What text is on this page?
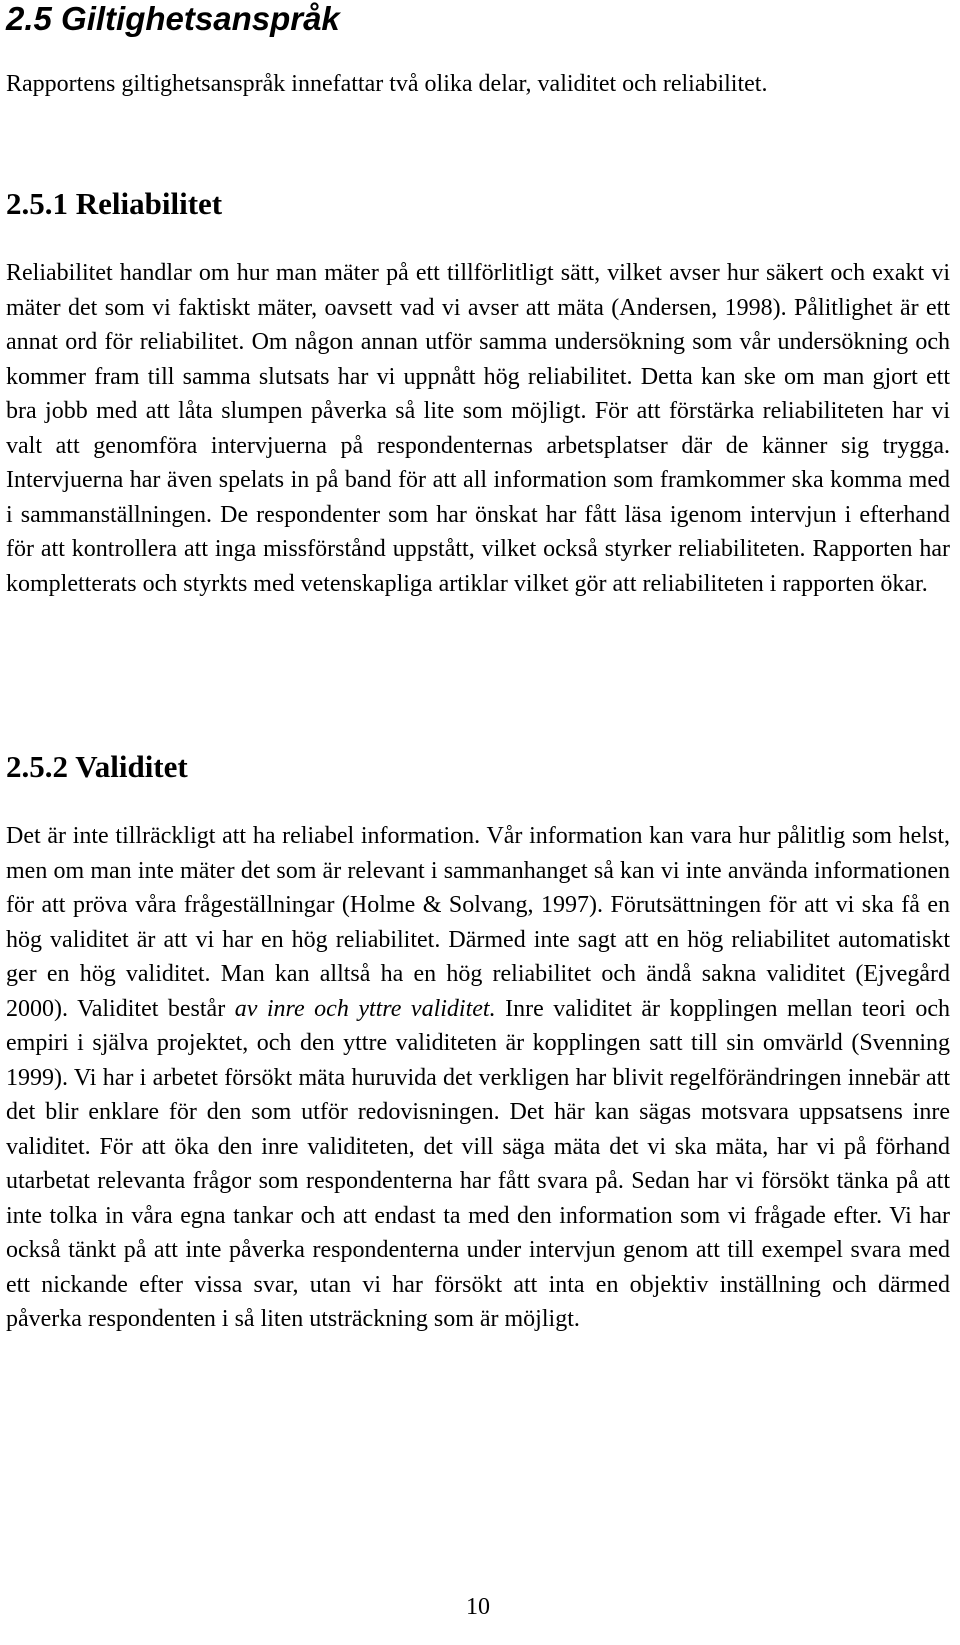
2.5 Giltighetsanspråk

Rapportens giltighetsanspråk innefattar två olika delar, validitet och reliabilitet.

2.5.1 Reliabilitet

Reliabilitet handlar om hur man mäter på ett tillförlitligt sätt, vilket avser hur säkert och exakt vi mäter det som vi faktiskt mäter, oavsett vad vi avser att mäta (Andersen, 1998). Pålitlighet är ett annat ord för reliabilitet. Om någon annan utför samma undersökning som vår undersökning och kommer fram till samma slutsats har vi uppnått hög reliabilitet. Detta kan ske om man gjort ett bra jobb med att låta slumpen påverka så lite som möjligt. För att förstärka reliabiliteten har vi valt att genomföra intervjuerna på respondenternas arbetsplatser där de känner sig trygga. Intervjuerna har även spelats in på band för att all information som framkommer ska komma med i sammanställningen. De respondenter som har önskat har fått läsa igenom intervjun i efterhand för att kontrollera att inga missförstånd uppstått, vilket också styrker reliabiliteten. Rapporten har kompletterats och styrkts med vetenskapliga artiklar vilket gör att reliabiliteten i rapporten ökar.

2.5.2 Validitet

Det är inte tillräckligt att ha reliabel information. Vår information kan vara hur pålitlig som helst, men om man inte mäter det som är relevant i sammanhanget så kan vi inte använda informationen för att pröva våra frågeställningar (Holme & Solvang, 1997). Förutsättningen för att vi ska få en hög validitet är att vi har en hög reliabilitet. Därmed inte sagt att en hög reliabilitet automatiskt ger en hög validitet. Man kan alltså ha en hög reliabilitet och ändå sakna validitet (Ejvegård 2000). Validitet består av inre och yttre validitet. Inre validitet är kopplingen mellan teori och empiri i själva projektet, och den yttre validiteten är kopplingen satt till sin omvärld (Svenning 1999). Vi har i arbetet försökt mäta huruvida det verkligen har blivit regelförändringen innebär att det blir enklare för den som utför redovisningen. Det här kan sägas motsvara uppsatsens inre validitet. För att öka den inre validiteten, det vill säga mäta det vi ska mäta, har vi på förhand utarbetat relevanta frågor som respondenterna har fått svara på. Sedan har vi försökt tänka på att inte tolka in våra egna tankar och att endast ta med den information som vi frågade efter. Vi har också tänkt på att inte påverka respondenterna under intervjun genom att till exempel svara med ett nickande efter vissa svar, utan vi har försökt att inta en objektiv inställning och därmed påverka respondenten i så liten utsträckning som är möjligt.

10
